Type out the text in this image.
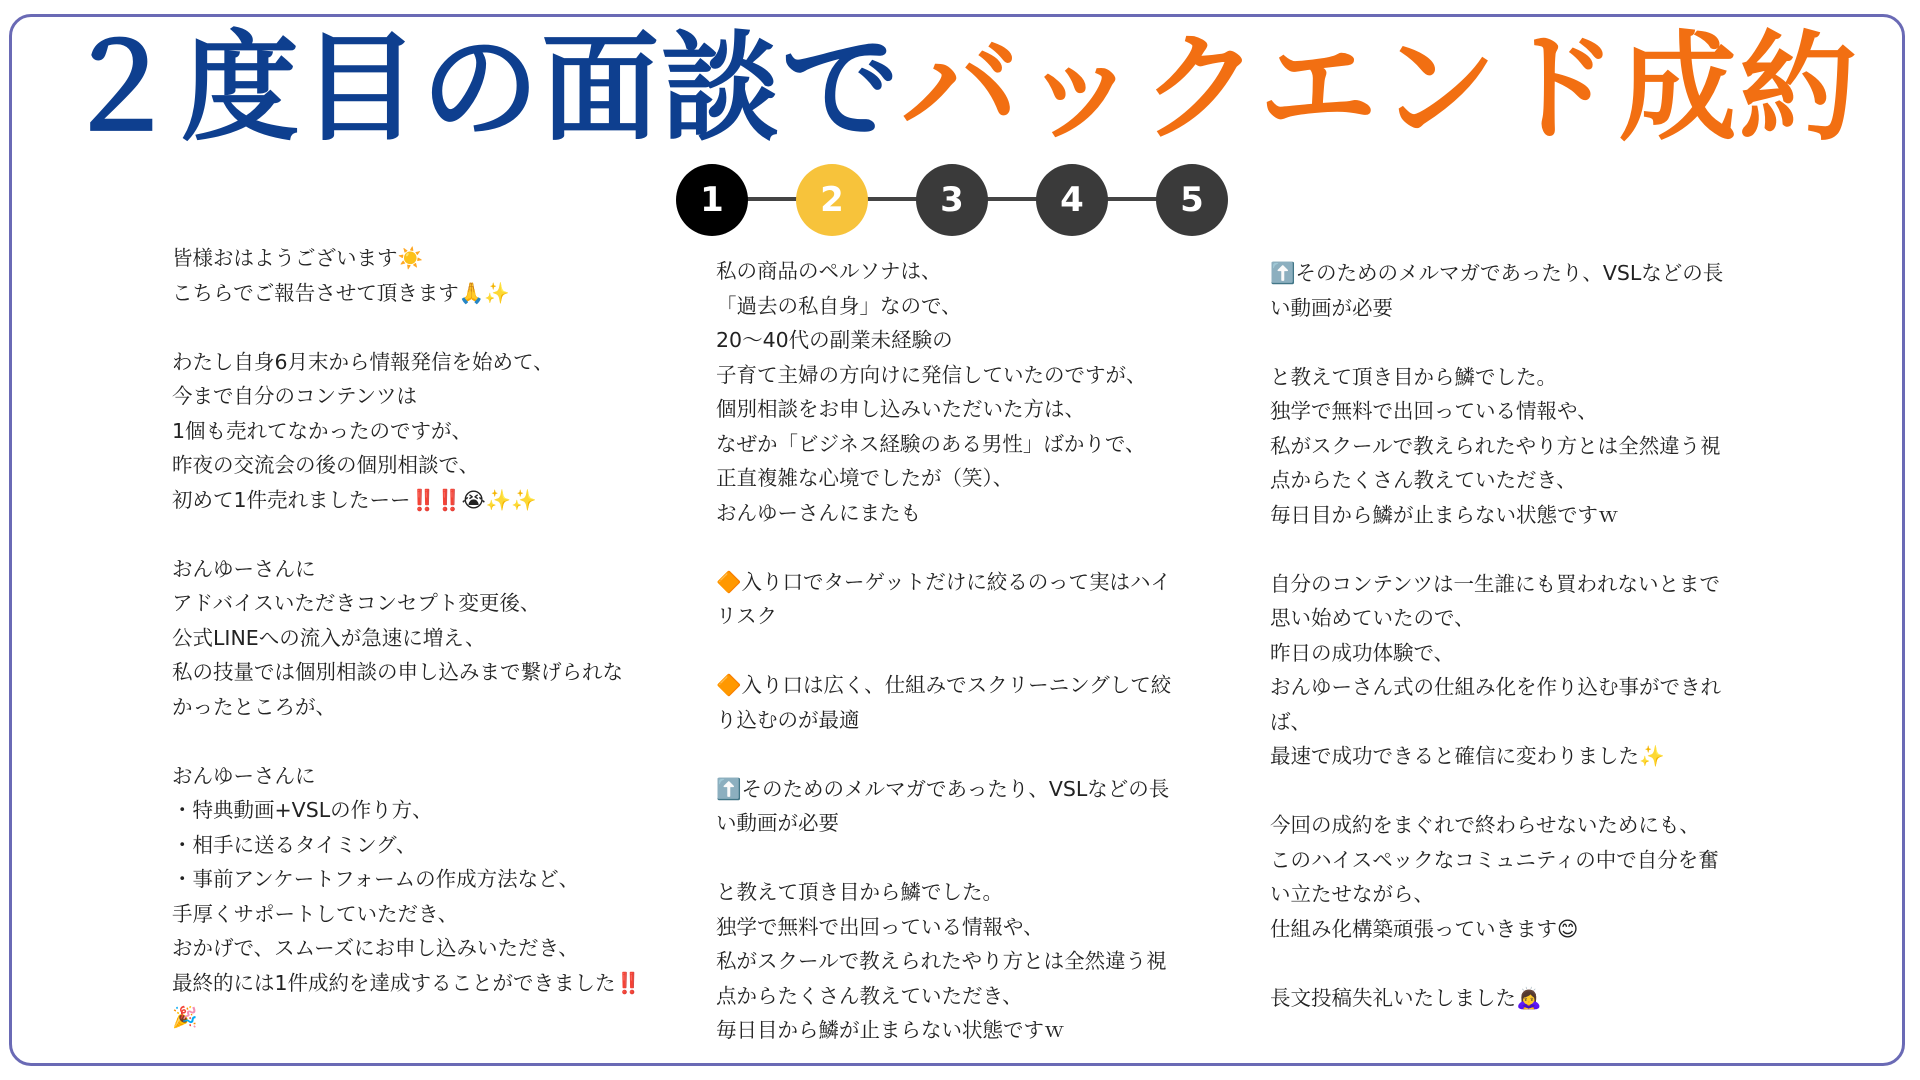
２度目の面談でバックエンド成約
1	2	3	4	5
皆様おはようございます☀️
こちらでご報告させて頂きます🙏✨

わたし自身6月末から情報発信を始めて、
今まで自分のコンテンツは
1個も売れてなかったのですが、
昨夜の交流会の後の個別相談で、
初めて1件売れましたーー‼️‼️😭✨✨

おんゆーさんに
アドバイスいただきコンセプト変更後、
公式LINEへの流入が急速に増え、
私の技量では個別相談の申し込みまで繋げられな
かったところが、

おんゆーさんに
・特典動画+VSLの作り方、
・相手に送るタイミング、
・事前アンケートフォームの作成方法など、
手厚くサポートしていただき、
おかげで、スムーズにお申し込みいただき、
最終的には1件成約を達成することができました‼️
🎉
私の商品のペルソナは、
「過去の私自身」なので、
20〜40代の副業未経験の
子育て主婦の方向けに発信していたのですが、
個別相談をお申し込みいただいた方は、
なぜか「ビジネス経験のある男性」ばかりで、
正直複雑な心境でしたが（笑）、
おんゆーさんにまたも

🔶入り口でターゲットだけに絞るのって実はハイ
リスク

🔶入り口は広く、仕組みでスクリーニングして絞
り込むのが最適

⬆️そのためのメルマガであったり、VSLなどの長
い動画が必要

と教えて頂き目から鱗でした。
独学で無料で出回っている情報や、
私がスクールで教えられたやり方とは全然違う視
点からたくさん教えていただき、
毎日目から鱗が止まらない状態ですｗ
⬆️そのためのメルマガであったり、VSLなどの長
い動画が必要

と教えて頂き目から鱗でした。
独学で無料で出回っている情報や、
私がスクールで教えられたやり方とは全然違う視
点からたくさん教えていただき、
毎日目から鱗が止まらない状態ですｗ

自分のコンテンツは一生誰にも買われないとまで
思い始めていたので、
昨日の成功体験で、
おんゆーさん式の仕組み化を作り込む事ができれ
ば、
最速で成功できると確信に変わりました✨

今回の成約をまぐれで終わらせないためにも、
このハイスペックなコミュニティの中で自分を奮
い立たせながら、
仕組み化構築頑張っていきます😊

長文投稿失礼いたしました🙇‍♀️
